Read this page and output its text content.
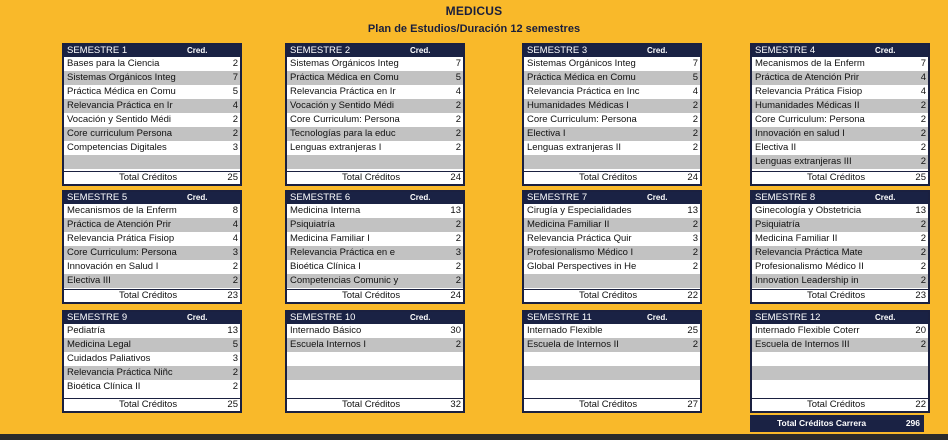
MEDICUS
Plan de Estudios/Duración 12 semestres
SEMESTRE 1	Cred.
Bases para la Ciencia	2
Sistemas Orgánicos Integ	7
Práctica Médica en Comu	5
Relevancia Práctica en Ir	4
Vocación y Sentido Médi	2
Core curriculum Persona	2
Competencias Digitales	3
Total Créditos	25
SEMESTRE 2	Cred.
Sistemas Orgánicos Integ	7
Práctica Médica en Comu	5
Relevancia Práctica en Ir	4
Vocación y Sentido Médi	2
Core Curriculum: Persona	2
Tecnologías para la educ	2
Lenguas extranjeras I	2
Total Créditos	24
SEMESTRE 3	Cred.
Sistemas Orgánicos Integ	7
Práctica Médica en Comu	5
Relevancia Práctica en Inc	4
Humanidades Médicas I	2
Core Curriculum: Persona	2
Electiva I	2
Lenguas extranjeras II	2
Total Créditos	24
SEMESTRE 4	Cred.
Mecanismos de la Enferm	7
Práctica de Atención Prir	4
Relevancia Prática Fisiop	4
Humanidades Médicas II	2
Core Curriculum: Persona	2
Innovación en salud I	2
Electiva II	2
Lenguas extranjeras III	2
Total Créditos	25
SEMESTRE 5	Cred.
Mecanismos de la Enferm	8
Práctica de Atención Prir	4
Relevancia Prática Fisiop	4
Core Curriculum: Persona	3
Innovación en Salud I	2
Electiva III	2
Total Créditos	23
SEMESTRE 6	Cred.
Medicina Interna	13
Psiquiatría	2
Medicina Familiar I	2
Relevancia Práctica en e	3
Bioética Clínica I	2
Competencias Comunic y	2
Total Créditos	24
SEMESTRE 7	Cred.
Cirugía y Especialidades	13
Medicina Familiar II	2
Relevancia Práctica Quir	3
Profesionalismo Médico I	2
Global Perspectives in He	2
Total Créditos	22
SEMESTRE 8	Cred.
Ginecología y Obstetricia	13
Psiquiatría	2
Medicina Familiar II	2
Relevancia Práctica Mate	2
Profesionalismo Médico II	2
Innovation Leadership in	2
Total Créditos	23
SEMESTRE 9	Cred.
Pediatría	13
Medicina Legal	5
Cuidados Paliativos	3
Relevancia Práctica Niñc	2
Bioética Clínica II	2
Total Créditos	25
SEMESTRE 10	Cred.
Internado Básico	30
Escuela Internos I	2
Total Créditos	32
SEMESTRE 11	Cred.
Internado Flexible	25
Escuela de Internos II	2
Total Créditos	27
SEMESTRE 12	Cred.
Internado Flexible Coterr	20
Escuela de Internos III	2
Total Créditos	22
Total Créditos Carrera	296
